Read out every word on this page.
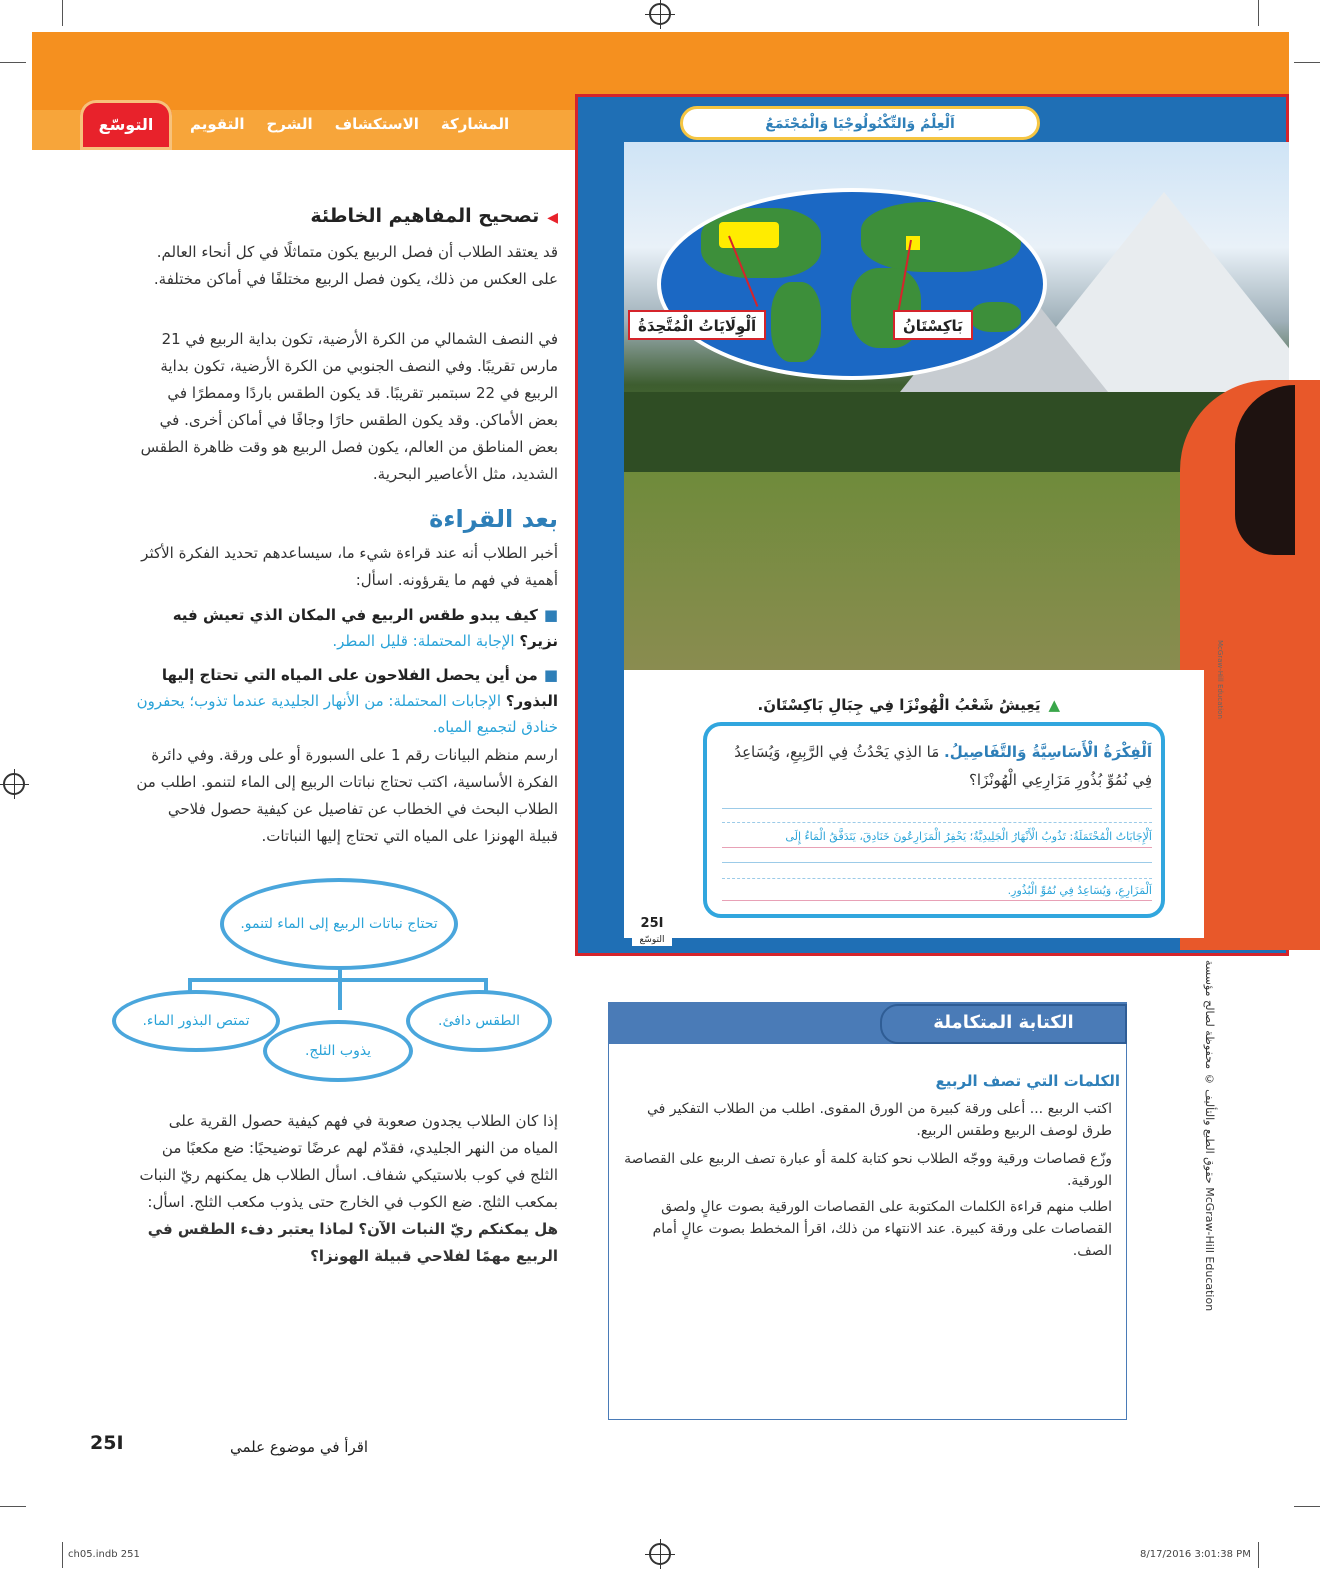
المشاركة
الاستكشاف
الشرح
التقويم
التوسّع
◀تصحيح المفاهيم الخاطئة
قد يعتقد الطلاب أن فصل الربيع يكون متماثلًا في كل أنحاء العالم. على العكس من ذلك، يكون فصل الربيع مختلفًا في أماكن مختلفة.
في النصف الشمالي من الكرة الأرضية، تكون بداية الربيع في 21 مارس تقريبًا. وفي النصف الجنوبي من الكرة الأرضية، تكون بداية الربيع في 22 سبتمبر تقريبًا. قد يكون الطقس باردًا وممطرًا في بعض الأماكن. وقد يكون الطقس حارًا وجافًا في أماكن أخرى. في بعض المناطق من العالم، يكون فصل الربيع هو وقت ظاهرة الطقس الشديد، مثل الأعاصير البحرية.
بعد القراءة
أخبر الطلاب أنه عند قراءة شيء ما، سيساعدهم تحديد الفكرة الأكثر أهمية في فهم ما يقرؤونه. اسأل:
■كيف يبدو طقس الربيع في المكان الذي تعيش فيه نزير؟ الإجابة المحتملة: قليل المطر.
■من أين يحصل الفلاحون على المياه التي تحتاج إليها البذور؟ الإجابات المحتملة: من الأنهار الجليدية عندما تذوب؛ يحفرون خنادق لتجميع المياه.
ارسم منظم البيانات رقم 1 على السبورة أو على ورقة. وفي دائرة الفكرة الأساسية، اكتب تحتاج نباتات الربيع إلى الماء لتنمو. اطلب من الطلاب البحث في الخطاب عن تفاصيل عن كيفية حصول فلاحي قبيلة الهونزا على المياه التي تحتاج إليها النباتات.
تحتاج نباتات الربيع إلى الماء لتنمو.
الطقس دافئ.
يذوب الثلج.
تمتص البذور الماء.
إذا كان الطلاب يجدون صعوبة في فهم كيفية حصول القرية على المياه من النهر الجليدي، فقدّم لهم عرضًا توضيحيًا: ضع مكعبًا من الثلج في كوب بلاستيكي شفاف. اسأل الطلاب هل يمكنهم ريّ النبات بمكعب الثلج. ضع الكوب في الخارج حتى يذوب مكعب الثلج. اسأل: هل يمكنكم ريّ النبات الآن؟ لماذا يعتبر دفء الطقس في الربيع مهمًا لفلاحي قبيلة الهونزا؟
اَلْعِلْمُ وَالتِّكْنُولُوجْيَا وَالْمُجْتَمَعُ
اَلْوِلَايَاتُ الْمُتَّحِدَةُ	بَاكِسْتَانُ
▲يَعِيشُ شَعْبُ الْهُونْزَا فِي جِبَالِ بَاكِسْتَانَ.
اَلْفِكْرَةُ الْأَسَاسِيَّةُ وَالتَّفَاصِيلُ. مَا الذِي يَحْدُثُ فِي الرَّبِيعِ، وَيُسَاعِدُ فِي نُمُوِّ بُذُورِ مَزَارِعِي الْهُونْزَا؟
اَلْإِجَابَاتُ الْمُحْتَمَلَةُ: تَذُوبُ الْأَنْهَارُ الْجَلِيدِيَّةُ؛ يَحْفِرُ الْمَزَارِعُونَ خَنَادِقَ، يَتَدَفَّقُ الْمَاءُ إِلَى
اَلْمَزَارِعِ، وَيُسَاعِدُ فِي نُمُوِّ الْبُذُورِ.
25I
التوسّع
McGraw-Hill Education
الكتابة المتكاملة
الكلمات التي تصف الربيع
اكتب الربيع ... أعلى ورقة كبيرة من الورق المقوى. اطلب من الطلاب التفكير في طرق لوصف الربيع وطقس الربيع.
وزّع قصاصات ورقية ووجّه الطلاب نحو كتابة كلمة أو عبارة تصف الربيع على القصاصة الورقية.
اطلب منهم قراءة الكلمات المكتوبة على القصاصات الورقية بصوت عالٍ ولصق القصاصات على ورقة كبيرة. عند الانتهاء من ذلك، اقرأ المخطط بصوت عالٍ أمام الصف.
حقوق الطبع والتأليف © محفوظة لصالح مؤسسة McGraw-Hill Education
اقرأ في موضوع علمي
25I
ch05.indb 251	8/17/2016 3:01:38 PM
